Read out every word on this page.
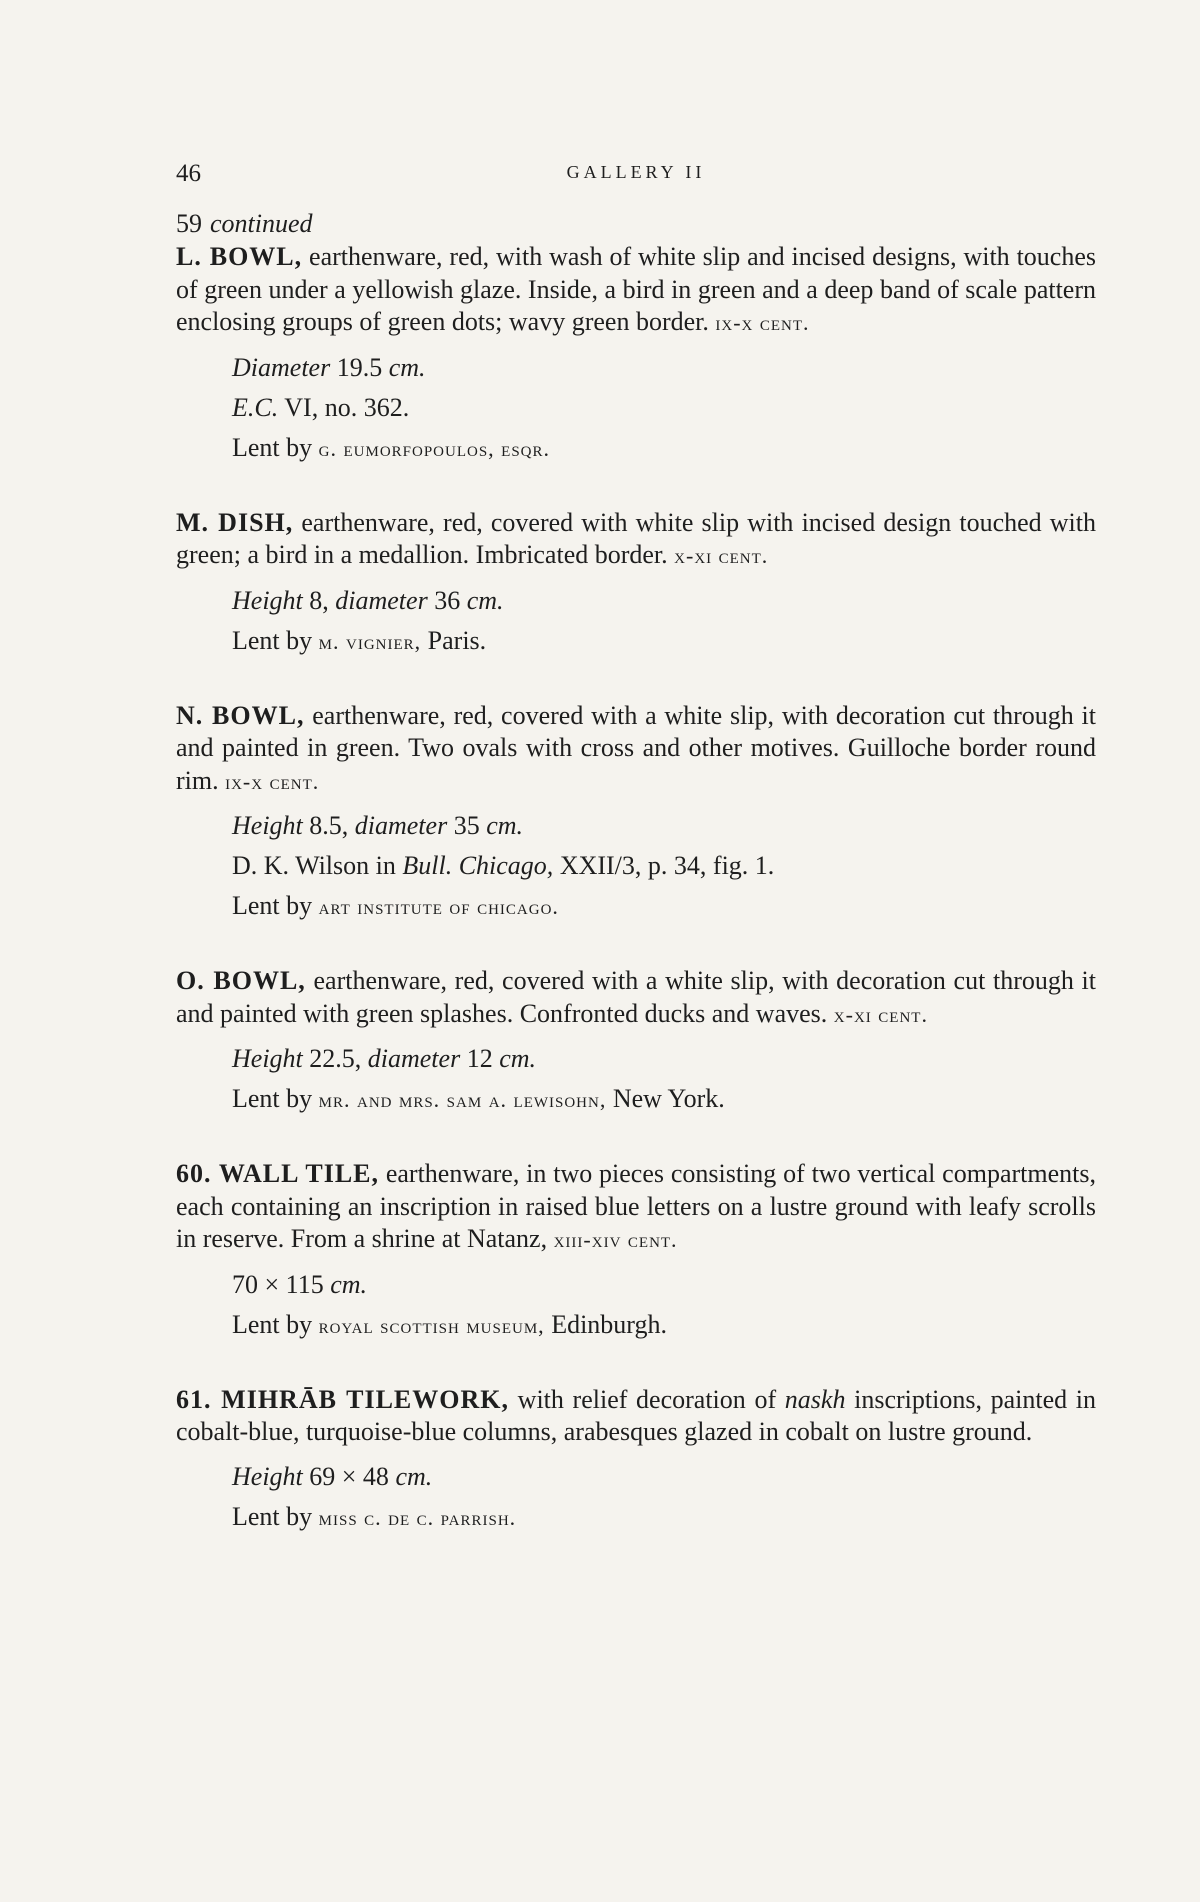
46	GALLERY II

59 continued

L. BOWL, earthenware, red, with wash of white slip and incised designs, with touches of green under a yellowish glaze. Inside, a bird in green and a deep band of scale pattern enclosing groups of green dots; wavy green border. ix-x cent.

Diameter 19.5 cm.
E.C. VI, no. 362.
Lent by g. eumorfopoulos, esqr.

M. DISH, earthenware, red, covered with white slip with incised design touched with green; a bird in a medallion. Imbricated border. x-xi cent.

Height 8, diameter 36 cm.
Lent by m. vignier, Paris.

N. BOWL, earthenware, red, covered with a white slip, with decoration cut through it and painted in green. Two ovals with cross and other motives. Guilloche border round rim. ix-x cent.

Height 8.5, diameter 35 cm.
D. K. Wilson in Bull. Chicago, XXII/3, p. 34, fig. 1.
Lent by art institute of chicago.

O. BOWL, earthenware, red, covered with a white slip, with decoration cut through it and painted with green splashes. Confronted ducks and waves. x-xi cent.

Height 22.5, diameter 12 cm.
Lent by mr. and mrs. sam a. lewisohn, New York.

60. WALL TILE, earthenware, in two pieces consisting of two vertical compartments, each containing an inscription in raised blue letters on a lustre ground with leafy scrolls in reserve. From a shrine at Natanz, xiii-xiv cent.

70 × 115 cm.
Lent by royal scottish museum, Edinburgh.

61. MIHRĀB TILEWORK, with relief decoration of naskh inscriptions, painted in cobalt-blue, turquoise-blue columns, arabesques glazed in cobalt on lustre ground.

Height 69 × 48 cm.
Lent by miss c. de c. parrish.
